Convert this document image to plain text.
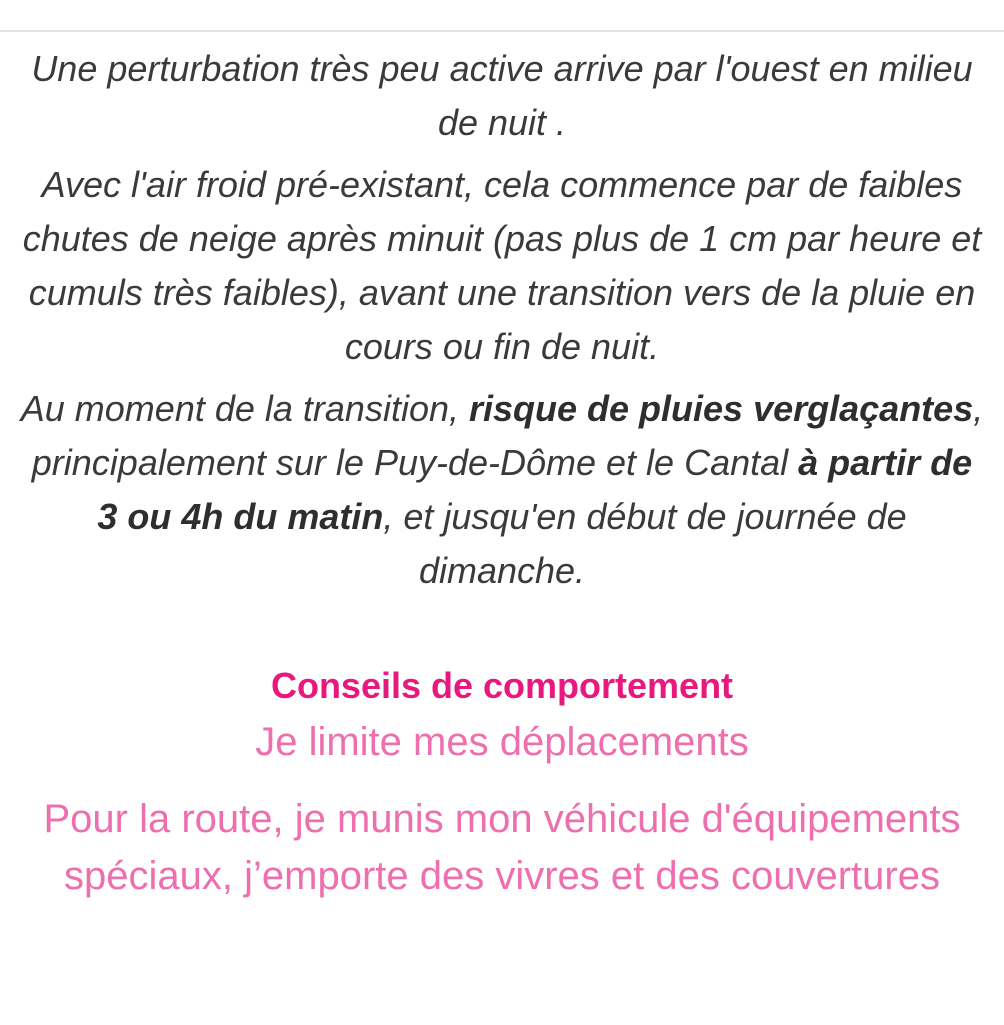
Une perturbation très peu active arrive par l'ouest en milieu de nuit .

Avec l'air froid pré-existant, cela commence par de faibles chutes de neige après minuit (pas plus de 1 cm par heure et cumuls très faibles), avant une transition vers de la pluie en cours ou fin de nuit.

Au moment de la transition, risque de pluies verglaçantes, principalement sur le Puy-de-Dôme et le Cantal à partir de 3 ou 4h du matin, et jusqu'en début de journée de dimanche.

Conseils de comportement

Je limite mes déplacements

Pour la route, je munis mon véhicule d'équipements spéciaux, j’emporte des vivres et des couvertures
